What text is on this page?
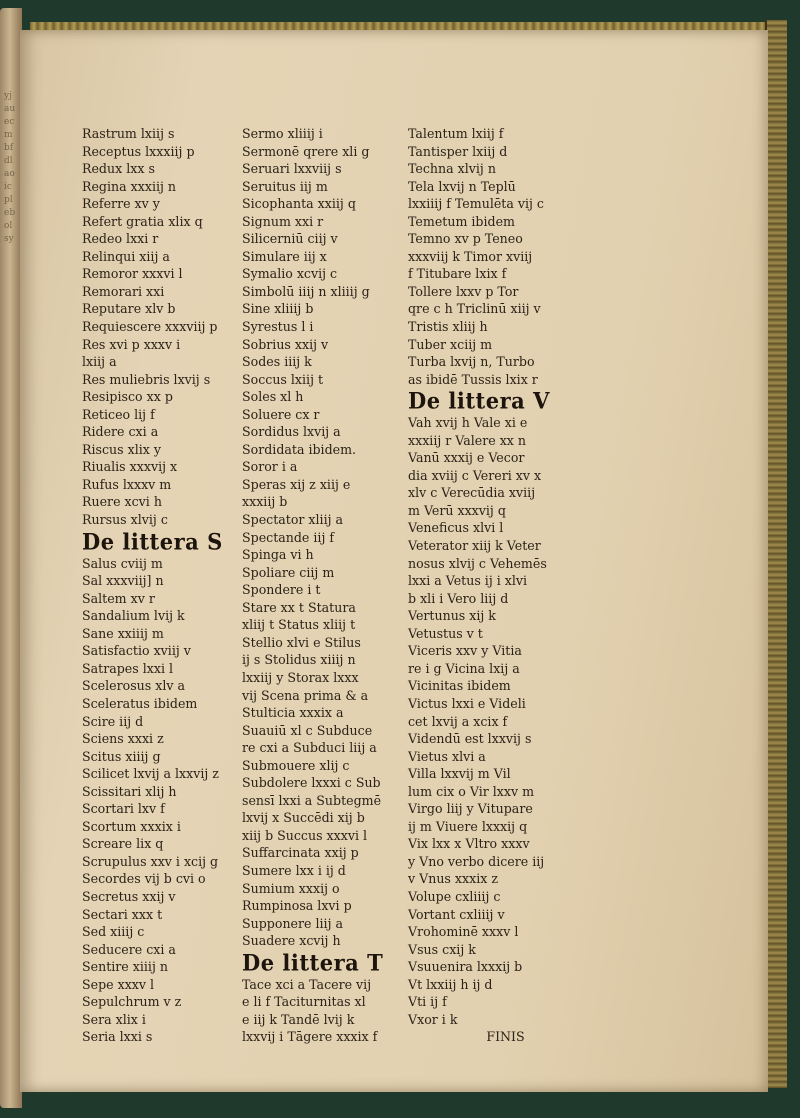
yjauecmbfdlaoicplebolsy
Rastrum lxiij s
Receptus lxxxiij p
Redux lxx s
Regina xxxiij n
Referre xv y
Refert gratia xlix q
Redeo lxxi r
Relinqui xiij a
Remoror xxxvi l
Remorari xxi
Reputare xlv b
Requiescere xxxviij p
Res xvi p xxxv i
lxiij a
Res muliebris lxvij s
Resipisco xx p
Reticeo lij f
Ridere cxi a
Riscus xlix y
Riualis xxxvij x
Rufus lxxxv m
Ruere xcvi h
Rursus xlvij c
De littera S
Salus cviij m
Sal xxxviij] n
Saltem xv r
Sandalium lvij k
Sane xxiiij m
Satisfactio xviij v
Satrapes lxxi l
Scelerosus xlv a
Sceleratus ibidem
Scire iij d
Sciens xxxi z
Scitus xiiij g
Scilicet lxvij a lxxvij z
Scissitari xlij h
Scortari lxv f
Scortum xxxix i
Screare lix q
Scrupulus xxv i xcij g
Secordes vij b cvi o
Secretus xxij v
Sectari xxx t
Sed xiiij c
Seducere cxi a
Sentire xiiij n
Sepe xxxv l
Sepulchrum v z
Sera xlix i
Seria lxxi s
Sermo xliiij i
Sermonē qrere xli g
Seruari lxxviij s
Seruitus iij m
Sicophanta xxiij q
Signum xxi r
Silicerniū ciij v
Simulare iij x
Symalio xcvij c
Simbolū iiij n xliiij g
Sine xliiij b
Syrestus l i
Sobrius xxij v
Sodes iiij k
Soccus lxiij t
Soles xl h
Soluere cx r
Sordidus lxvij a
Sordidata ibidem.
Soror i a
Speras xij z xiij e
xxxiij b
Spectator xliij a
Spectande iij f
Spinga vi h
Spoliare ciij m
Spondere i t
Stare xx t Statura
xliij t Status xliij t
Stellio xlvi e Stilus
ij s Stolidus xiiij n
lxxiij y Storax lxxx
vij Scena prima & a
Stulticia xxxix a
Suauiū xl c Subduce
re cxi a Subduci liij a
Submouere xlij c
Subdolere lxxxi c Sub
sensī lxxi a Subtegmē
lxvij x Succēdi xij b
xiij b Succus xxxvi l
Suffarcinata xxij p
Sumere lxx i ij d
Sumium xxxij o
Rumpinosa lxvi p
Supponere liij a
Suadere xcvij h
De littera T
Tace xci a Tacere vij
e li f Taciturnitas xl
e iij k Tandē lvij k
lxxvij i Tāgere xxxix f
Talentum lxiij f
Tantisper lxiij d
Techna xlvij n
Tela lxvij n Teplū
lxxiiij f Temulēta vij c
Temetum ibidem
Temno xv p Teneo
xxxviij k Timor xviij
f Titubare lxix f
Tollere lxxv p Tor
qre c h Triclinū xiij v
Tristis xliij h
Tuber xciij m
Turba lxvij n, Turbo
as ibidē Tussis lxix r
De littera V
Vah xvij h Vale xi e
xxxiij r Valere xx n
Vanū xxxij e Vecor
dia xviij c Vereri xv x
xlv c Verecūdia xviij
m Verū xxxvij q
Veneficus xlvi l
Veterator xiij k Veter
nosus xlvij c Vehemēs
lxxi a Vetus ij i xlvi
b xli i Vero liij d
Vertunus xij k
Vetustus v t
Viceris xxv y Vitia
re i g Vicina lxij a
Vicinitas ibidem
Victus lxxi e Videli
cet lxvij a xcix f
Videndū est lxxvij s
Vietus xlvi a
Villa lxxvij m Vil
lum cix o Vir lxxv m
Virgo liij y Vitupare
ij m Viuere lxxxij q
Vix lxx x Vltro xxxv
y Vno verbo dicere iij
v Vnus xxxix z
Volupe cxliiij c
Vortant cxliiij v
Vrohominē xxxv l
Vsus cxij k
Vsuuenira lxxxij b
Vt lxxiij h ij d
Vti ij f
Vxor i k
FINIS
